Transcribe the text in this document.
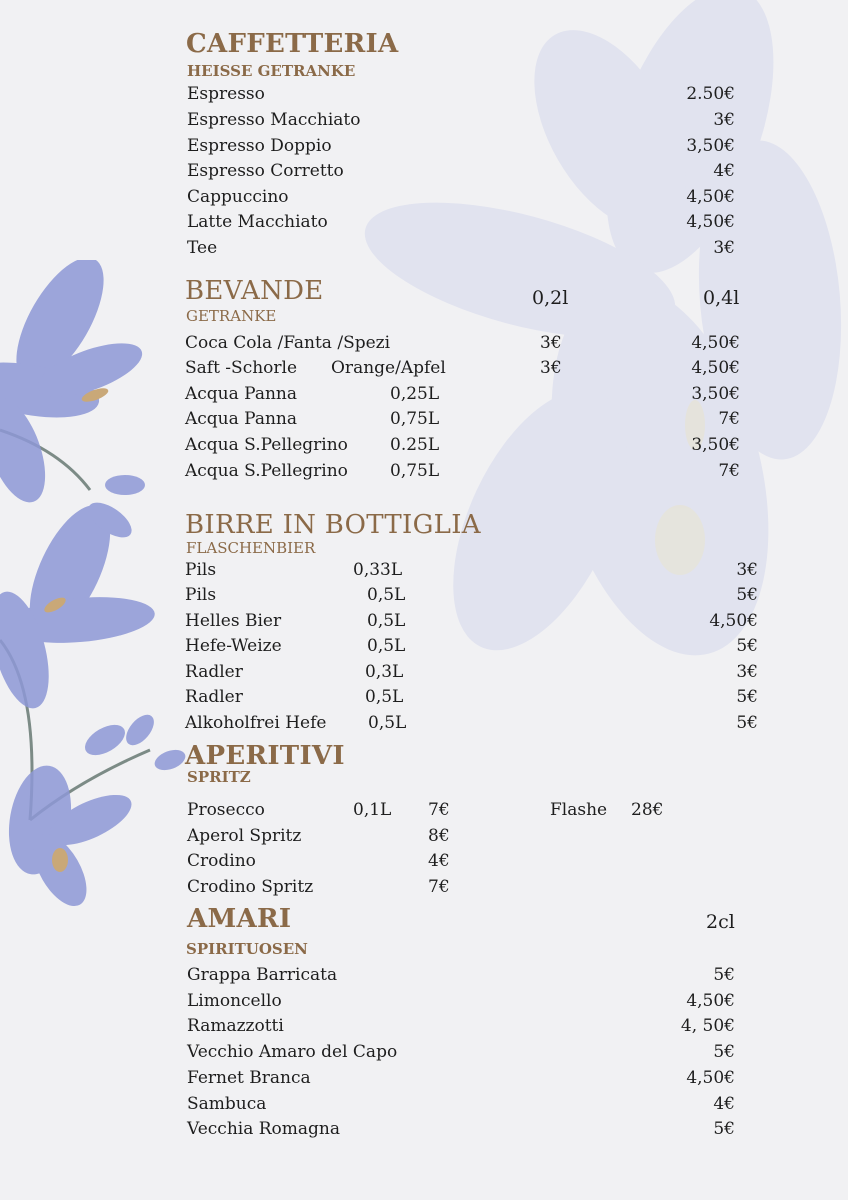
CAFFETTERIA
HEISSE GETRANKE
Espresso	2.50€
Espresso Macchiato	3€
Espresso Doppio	3,50€
Espresso Corretto	4€
Cappuccino	4,50€
Latte Macchiato	4,50€
Tee	3€
BEVANDE
GETRANKE
0,2l	0,4l
Coca Cola /Fanta /Spezi	3€	4,50€
Saft -Schorle Orange/Apfel	3€	4,50€
Acqua Panna	0,25L	3,50€
Acqua Panna	0,75L	7€
Acqua S.Pellegrino 0.25L	3,50€
Acqua S.Pellegrino 0,75L	7€
BIRRE IN BOTTIGLIA
FLASCHENBIER
Pils	0,33L	3€
Pils	0,5L	5€
Helles Bier	0,5L	4,50€
Hefe-Weize	0,5L	5€
Radler	0,3L	3€
Radler	0,5L	5€
Alkoholfrei Hefe 0,5L	5€
APERITIVI
SPRITZ
Prosecco	0,1L 7€	Flashe 28€
Aperol Spritz	8€
Crodino	4€
Crodino Spritz	7€
AMARI	2cl
SPIRITUOSEN
Grappa Barricata	5€
Limoncello	4,50€
Ramazzotti	4, 50€
Vecchio Amaro del Capo	5€
Fernet Branca	4,50€
Sambuca	4€
Vecchia Romagna	5€
